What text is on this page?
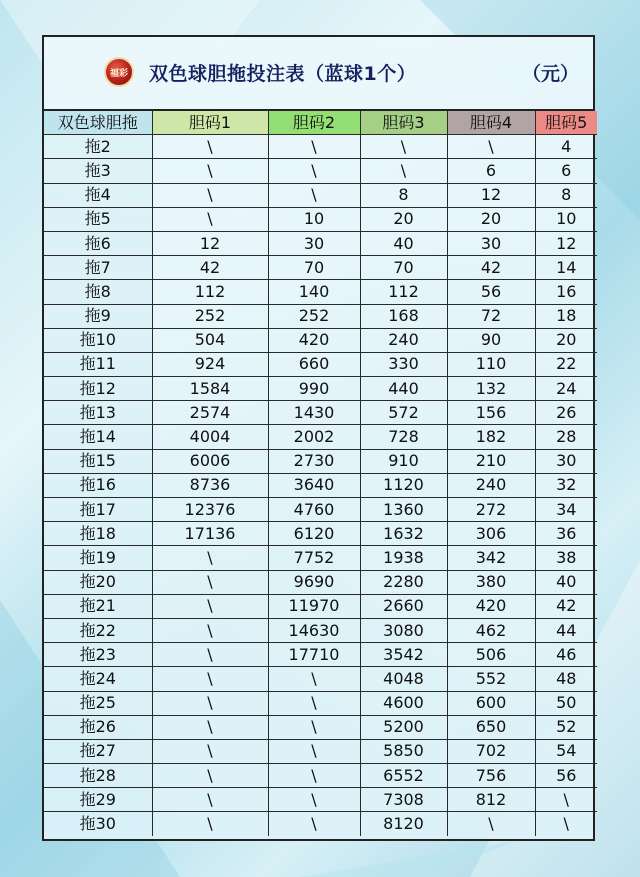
福彩 双色球胆拖投注表（蓝球1个）	（元）
双色球胆拖	胆码1	胆码2	胆码3	胆码4	胆码5
拖2	\	\	\	\	4
拖3	\	\	\	6	6
拖4	\	\	8	12	8
拖5	\	10	20	20	10
拖6	12	30	40	30	12
拖7	42	70	70	42	14
拖8	112	140	112	56	16
拖9	252	252	168	72	18
拖10	504	420	240	90	20
拖11	924	660	330	110	22
拖12	1584	990	440	132	24
拖13	2574	1430	572	156	26
拖14	4004	2002	728	182	28
拖15	6006	2730	910	210	30
拖16	8736	3640	1120	240	32
拖17	12376	4760	1360	272	34
拖18	17136	6120	1632	306	36
拖19	\	7752	1938	342	38
拖20	\	9690	2280	380	40
拖21	\	11970	2660	420	42
拖22	\	14630	3080	462	44
拖23	\	17710	3542	506	46
拖24	\	\	4048	552	48
拖25	\	\	4600	600	50
拖26	\	\	5200	650	52
拖27	\	\	5850	702	54
拖28	\	\	6552	756	56
拖29	\	\	7308	812	\
拖30	\	\	8120	\	\
